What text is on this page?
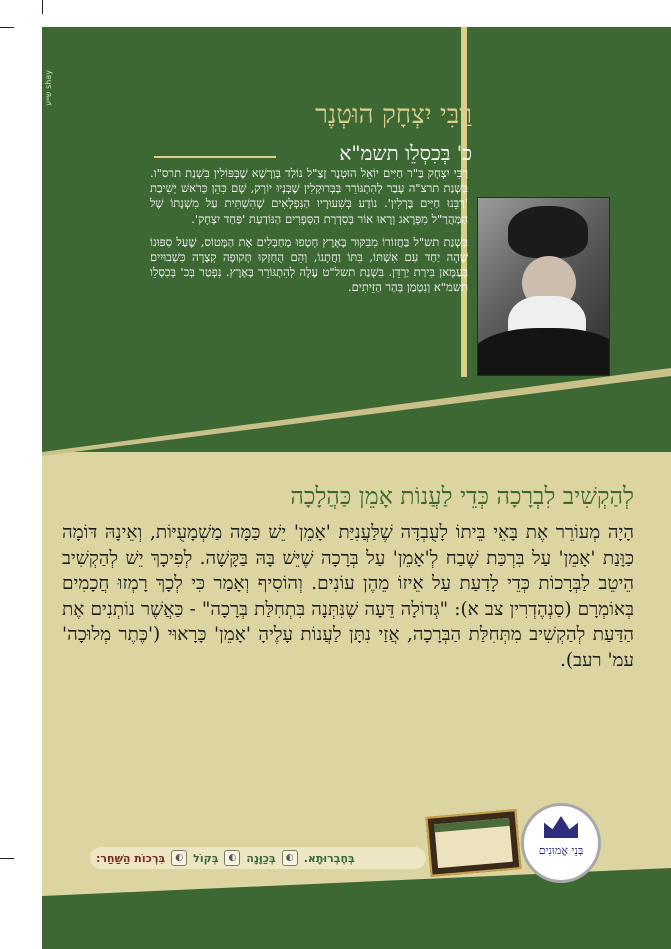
שייע shay
רַבִּי יִצְחָק הוּטְנֶר
כ' בְּכִסְלֵו תשמ"א

רַבִּי יִצְחָק בַּ"ר חַיִּים יוֹאֵל הוּטְנֶר זָצַ"ל נוֹלַד בְּוַרְשָׁא שֶׁבְּפּוֹלִין בִּשְׁנַת תרס"ו. בִּשְׁנַת תרצ"ה עָבַר לְהִתְגּוֹרֵר בְּבְּרוּקְלִין שֶׁבְּנְיוּ יוֹרְק, שָׁם כִּהֵן כְּרֹאשׁ יְשִׁיבַת 'רַבֵּנוּ חַיִּים בֶּרְלִין'. נוֹדַע בְּשִׁעוּרָיו הַנִּפְלָאִים שֶׁהִשְׁתִּית עַל מִשְׁנָתוֹ שֶׁל הַמַּהֲרַ"ל מִפְּרָאג וְרָאוּ אוֹר בְּסִדְרַת הַסְּפָרִים הַנּוֹדַעַת 'פַּחַד יִצְחָק'.

בִּשְׁנַת תש"ל בַּחֲזוֹרוֹ מִבִּקּוּר בָּאָרֶץ חָטְפוּ מְחַבְּלִים אֶת הַמָּטוֹס, שֶׁעַל סִפּוּנוֹ שָׁהָה יַחַד עִם אִשְׁתּוֹ, בִּתּוֹ וַחֲתָנוֹ, וְהֵם הֻחְזְקוּ תְּקוּפָה קְצָרָה כִּשְׁבוּיִים בְּעַמָּאן בִּירַת יַרְדֵּן. בִּשְׁנַת תשל"ט עָלָה לְהִתְגּוֹרֵר בָּאָרֶץ. נִפְטַר בְּכ' בְּכִסְלֵו תשמ"א וְנִטְמַן בְּהַר הַזֵּיתִים.

לְהַקְשִׁיב לִבְרָכָה כְּדֵי לַעֲנוֹת אָמֵן כַּהֲלָכָה
הָיָה מְעוֹרֵר אֶת בָּאֵי בֵּיתוֹ לָעֻבְדָּה שֶׁלַּעֲנִיַּת 'אָמֵן' יֵשׁ כַּמָּה מַשְׁמָעֻיּוֹת, וְאֵינָהּ דּוֹמָה כַּוָּנַת 'אָמֵן' עַל בִּרְכַּת שֶׁבַח לְ'אָמֵן' עַל בְּרָכָה שֶׁיֵּשׁ בָּהּ בַּקָּשָׁה. לְפִיכָךְ יֵשׁ לְהַקְשִׁיב הֵיטֵב לַבְּרָכוֹת כְּדֵי לָדַעַת עַל אֵיזוֹ מֵהֶן עוֹנִים. וְהוֹסִיף וְאָמַר כִּי לְכָךְ רָמְזוּ חֲכָמִים בְּאוֹמְרָם (סַנְהֶדְרִין צב א): "גְּדוֹלָה דֵּעָה שֶׁנִּתְּנָה בִּתְחִלַּת בְּרָכָה" - כַּאֲשֶׁר נוֹתְנִים אֶת הַדַּעַת לְהַקְשִׁיב מִתְּחִלַּת הַבְּרָכָה, אֲזַי נִתָּן לַעֲנוֹת עָלֶיהָ 'אָמֵן' כָּרָאוּי ('כֶּתֶר מְלוּכָה' עמ' רעב).
בְּנֵי אֱמוּנִים
בִּרְכוֹת הַשַּׁחַר:	◐ בְּקוֹל	◐ בְּכַוָּנָה	◐ בְּחֶבְרוּתָא.
